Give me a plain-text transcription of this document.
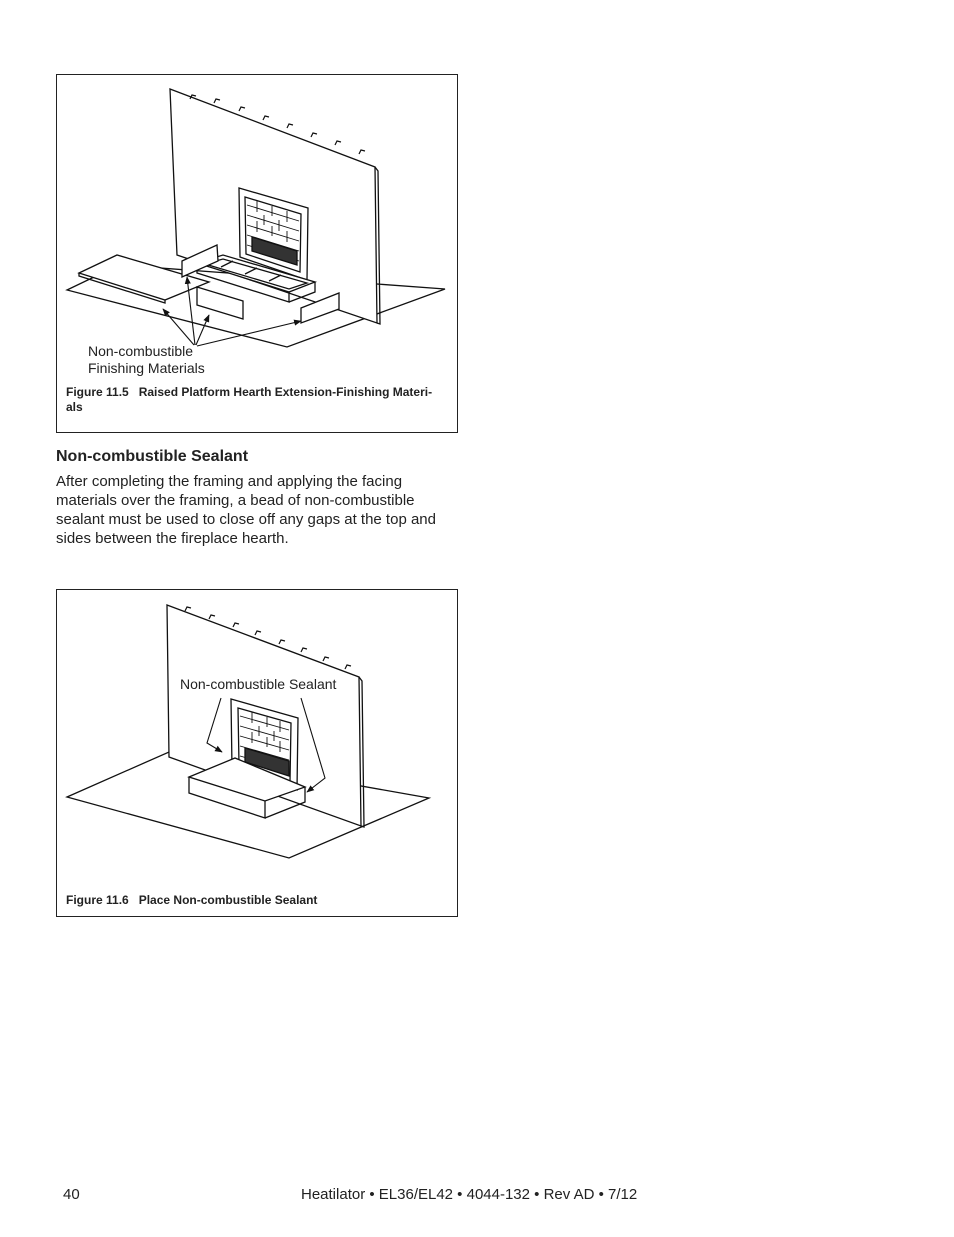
Non-combustible
Finishing Materials
Figure 11.5 Raised Platform Hearth Extension-Finishing Materi-
als
Non-combustible Sealant
After completing the framing and applying the facing
materials over the framing, a bead of non-combustible
sealant must be used to close off any gaps at the top and
sides between the fireplace hearth.
Non-combustible Sealant
Figure 11.6 Place Non-combustible Sealant
40	Heatilator • EL36/EL42 • 4044-132 • Rev AD • 7/12
